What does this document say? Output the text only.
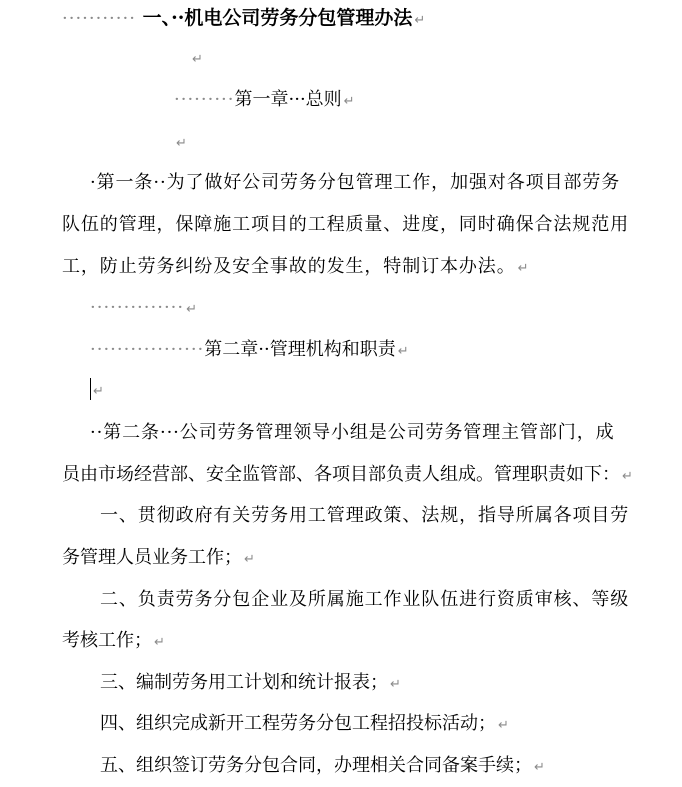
··········· 一、··机电公司劳务分包管理办法 ↵
↵
·········第一章···总则 ↵
↵
·第一条··为了做好公司劳务分包管理工作，加强对各项目部劳务
队伍的管理，保障施工项目的工程质量、进度，同时确保合法规范用
工，防止劳务纠纷及安全事故的发生，特制订本办法。 ↵
·············· ↵
·················第二章··管理机构和职责 ↵
↵
··第二条···公司劳务管理领导小组是公司劳务管理主管部门，成
员由市场经营部、安全监管部、各项目部负责人组成。管理职责如下： ↵
一、贯彻政府有关劳务用工管理政策、法规，指导所属各项目劳
务管理人员业务工作； ↵
二、负责劳务分包企业及所属施工作业队伍进行资质审核、等级
考核工作； ↵
三、编制劳务用工计划和统计报表； ↵
四、组织完成新开工程劳务分包工程招投标活动； ↵
五、组织签订劳务分包合同，办理相关合同备案手续； ↵
